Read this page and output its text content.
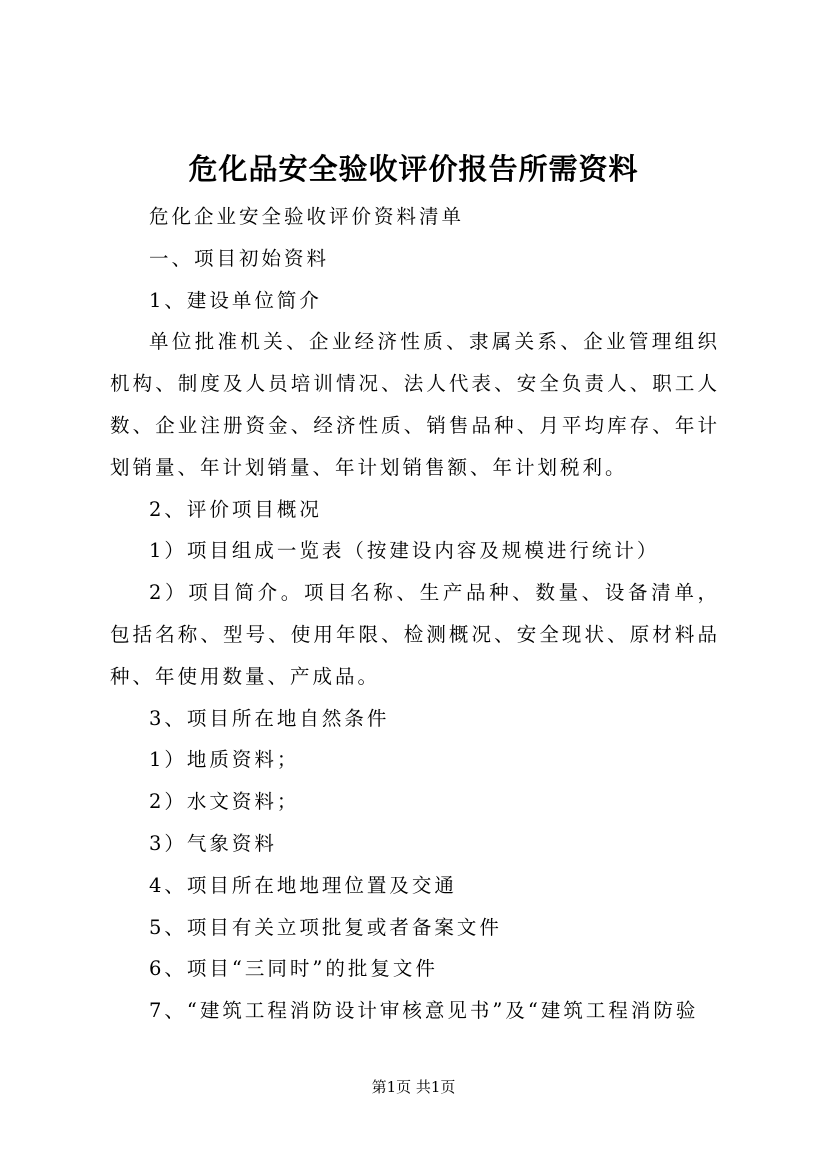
危化品安全验收评价报告所需资料

危化企业安全验收评价资料清单

一、项目初始资料

1、建设单位简介

单位批准机关、企业经济性质、隶属关系、企业管理组织机构、制度及人员培训情况、法人代表、安全负责人、职工人数、企业注册资金、经济性质、销售品种、月平均库存、年计划销量、年计划销量、年计划销售额、年计划税利。

2、评价项目概况

1）项目组成一览表（按建设内容及规模进行统计）

2）项目简介。项目名称、生产品种、数量、设备清单，包括名称、型号、使用年限、检测概况、安全现状、原材料品种、年使用数量、产成品。

3、项目所在地自然条件

1）地质资料；

2）水文资料；

3）气象资料

4、项目所在地地理位置及交通

5、项目有关立项批复或者备案文件

6、项目“三同时”的批复文件

7、“建筑工程消防设计审核意见书”及“建筑工程消防验

第1页 共1页
